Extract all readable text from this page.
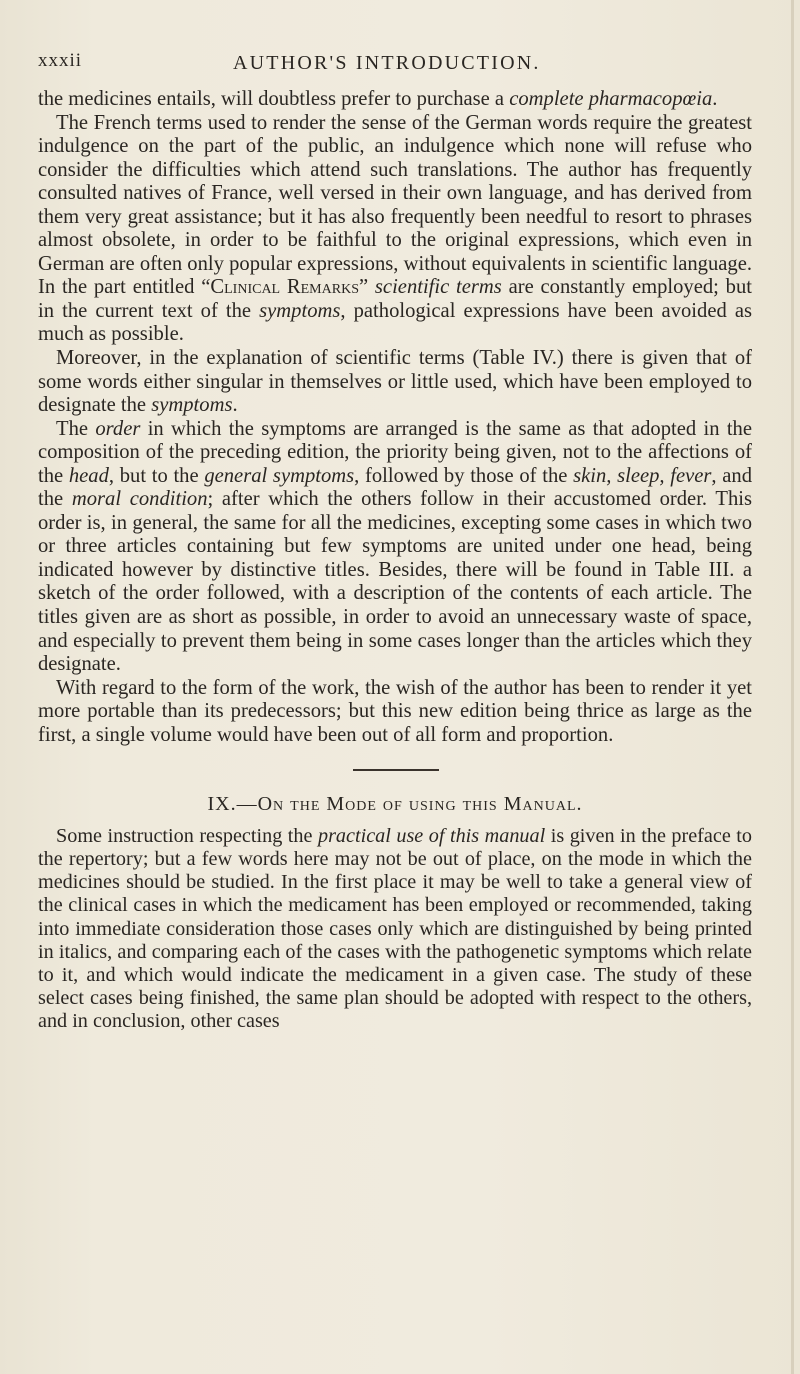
xxxii	AUTHOR'S INTRODUCTION.

the medicines entails, will doubtless prefer to purchase a complete pharmacopœia.

The French terms used to render the sense of the German words require the greatest indulgence on the part of the public, an indulgence which none will refuse who consider the difficulties which attend such translations. The author has frequently consulted natives of France, well versed in their own language, and has derived from them very great assistance; but it has also frequently been needful to resort to phrases almost obsolete, in order to be faithful to the original expressions, which even in German are often only popular expressions, without equivalents in scientific language. In the part entitled “Clinical Remarks” scientific terms are constantly employed; but in the current text of the symptoms, pathological expressions have been avoided as much as possible.

Moreover, in the explanation of scientific terms (Table IV.) there is given that of some words either singular in themselves or little used, which have been employed to designate the symptoms.

The order in which the symptoms are arranged is the same as that adopted in the composition of the preceding edition, the priority being given, not to the affections of the head, but to the general symptoms, followed by those of the skin, sleep, fever, and the moral condition; after which the others follow in their accustomed order. This order is, in general, the same for all the medicines, excepting some cases in which two or three articles containing but few symptoms are united under one head, being indicated however by distinctive titles. Besides, there will be found in Table III. a sketch of the order followed, with a description of the contents of each article. The titles given are as short as possible, in order to avoid an unnecessary waste of space, and especially to prevent them being in some cases longer than the articles which they designate.

With regard to the form of the work, the wish of the author has been to render it yet more portable than its predecessors; but this new edition being thrice as large as the first, a single volume would have been out of all form and proportion.

IX.—On the Mode of using this Manual.

Some instruction respecting the practical use of this manual is given in the preface to the repertory; but a few words here may not be out of place, on the mode in which the medicines should be studied. In the first place it may be well to take a general view of the clinical cases in which the medicament has been employed or recommended, taking into immediate consideration those cases only which are distinguished by being printed in italics, and comparing each of the cases with the pathogenetic symptoms which relate to it, and which would indicate the medicament in a given case. The study of these select cases being finished, the same plan should be adopted with respect to the others, and in conclusion, other cases
